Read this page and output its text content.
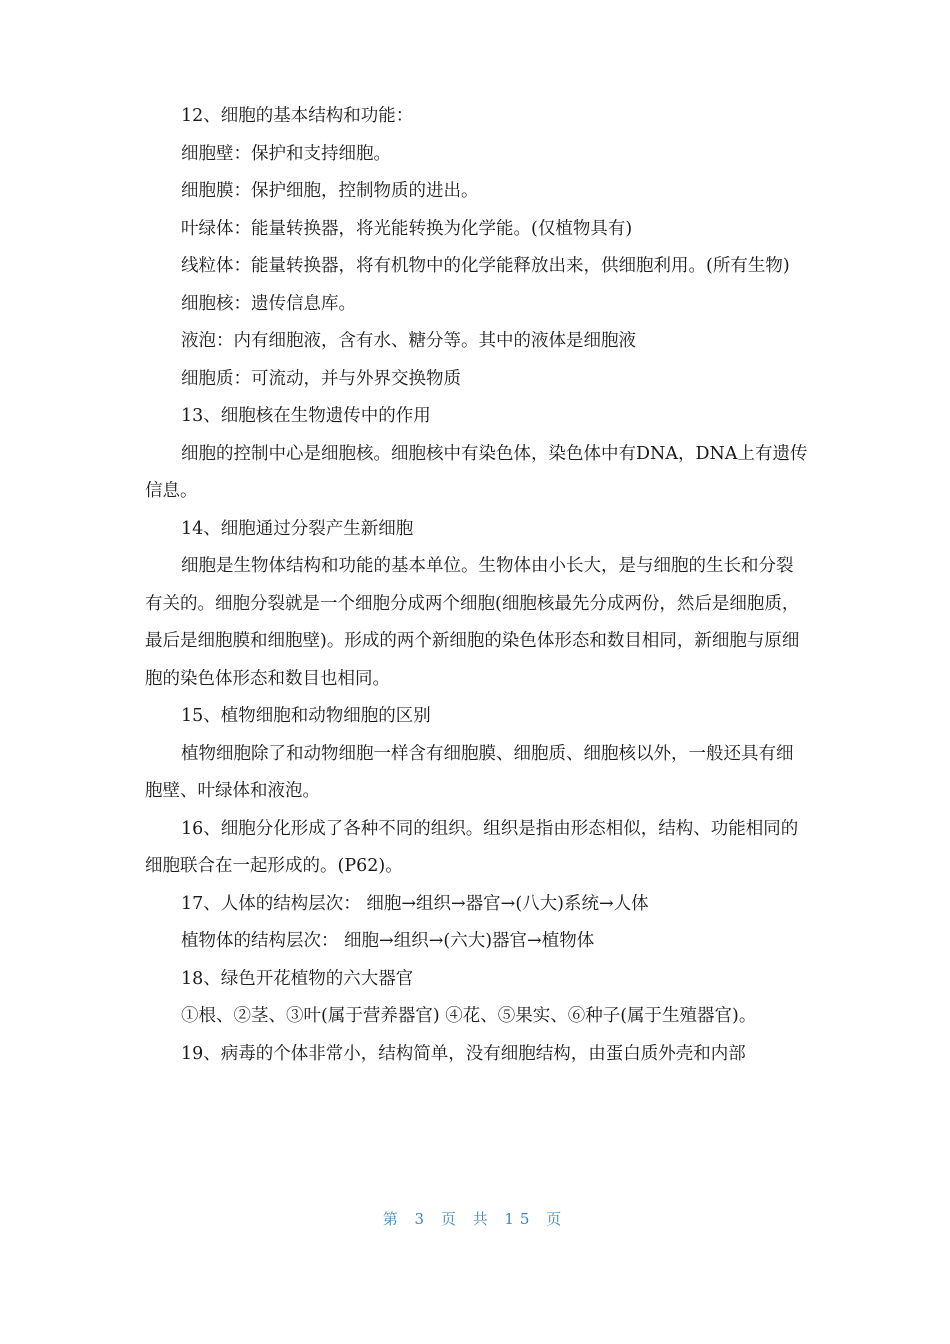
12、细胞的基本结构和功能：

细胞壁：保护和支持细胞。

细胞膜：保护细胞，控制物质的进出。

叶绿体：能量转换器，将光能转换为化学能。(仅植物具有)

线粒体：能量转换器，将有机物中的化学能释放出来，供细胞利用。(所有生物)

细胞核：遗传信息库。

液泡：内有细胞液，含有水、糖分等。其中的液体是细胞液

细胞质：可流动，并与外界交换物质

13、细胞核在生物遗传中的作用

细胞的控制中心是细胞核。细胞核中有染色体，染色体中有DNA，DNA上有遗传信息。

14、细胞通过分裂产生新细胞

细胞是生物体结构和功能的基本单位。生物体由小长大，是与细胞的生长和分裂有关的。细胞分裂就是一个细胞分成两个细胞(细胞核最先分成两份，然后是细胞质，最后是细胞膜和细胞壁)。形成的两个新细胞的染色体形态和数目相同，新细胞与原细胞的染色体形态和数目也相同。

15、植物细胞和动物细胞的区别

植物细胞除了和动物细胞一样含有细胞膜、细胞质、细胞核以外，一般还具有细胞壁、叶绿体和液泡。

16、细胞分化形成了各种不同的组织。组织是指由形态相似，结构、功能相同的细胞联合在一起形成的。(P62)。

17、人体的结构层次： 细胞→组织→器官→(八大)系统→人体

植物体的结构层次： 细胞→组织→(六大)器官→植物体

18、绿色开花植物的六大器官

①根、②茎、③叶(属于营养器官) ④花、⑤果实、⑥种子(属于生殖器官)。

19、病毒的个体非常小，结构简单，没有细胞结构，由蛋白质外壳和内部

第 3 页 共 15 页
